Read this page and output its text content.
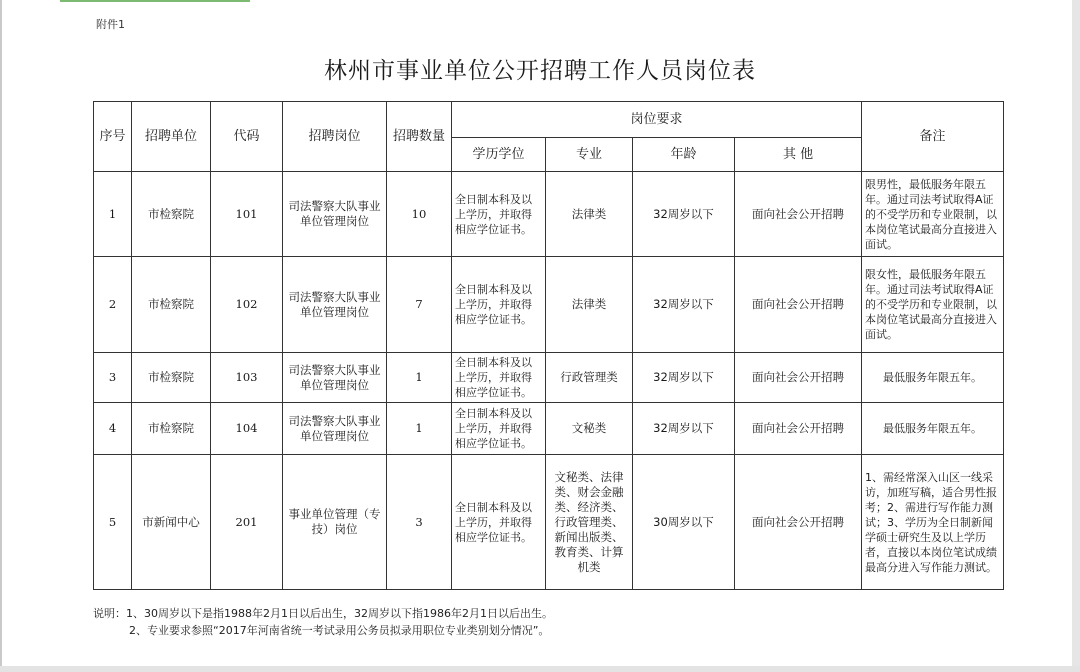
附件1
林州市事业单位公开招聘工作人员岗位表
序号	招聘单位	代码	招聘岗位	招聘数量	岗位要求				备注
					学历学位	专业	年龄	其 他	
1	市检察院	101	司法警察大队事业单位管理岗位	10	全日制本科及以上学历，并取得相应学位证书。	法律类	32周岁以下	面向社会公开招聘	限男性，最低服务年限五年。通过司法考试取得A证的不受学历和专业限制，以本岗位笔试最高分直接进入面试。
2	市检察院	102	司法警察大队事业单位管理岗位	7	全日制本科及以上学历，并取得相应学位证书。	法律类	32周岁以下	面向社会公开招聘	限女性，最低服务年限五年。通过司法考试取得A证的不受学历和专业限制，以本岗位笔试最高分直接进入面试。
3	市检察院	103	司法警察大队事业单位管理岗位	1	全日制本科及以上学历，并取得相应学位证书。	行政管理类	32周岁以下	面向社会公开招聘	最低服务年限五年。
4	市检察院	104	司法警察大队事业单位管理岗位	1	全日制本科及以上学历，并取得相应学位证书。	文秘类	32周岁以下	面向社会公开招聘	最低服务年限五年。
5	市新闻中心	201	事业单位管理（专技）岗位	3	全日制本科及以上学历，并取得相应学位证书。	文秘类、法律类、财会金融类、经济类、行政管理类、新闻出版类、教育类、计算机类	30周岁以下	面向社会公开招聘	1、需经常深入山区一线采访，加班写稿，适合男性报考；2、需进行写作能力测试；3、学历为全日制新闻学硕士研究生及以上学历者，直接以本岗位笔试成绩最高分进入写作能力测试。
说明：1、30周岁以下是指1988年2月1日以后出生，32周岁以下指1986年2月1日以后出生。
2、专业要求参照“2017年河南省统一考试录用公务员拟录用职位专业类别划分情况”。
